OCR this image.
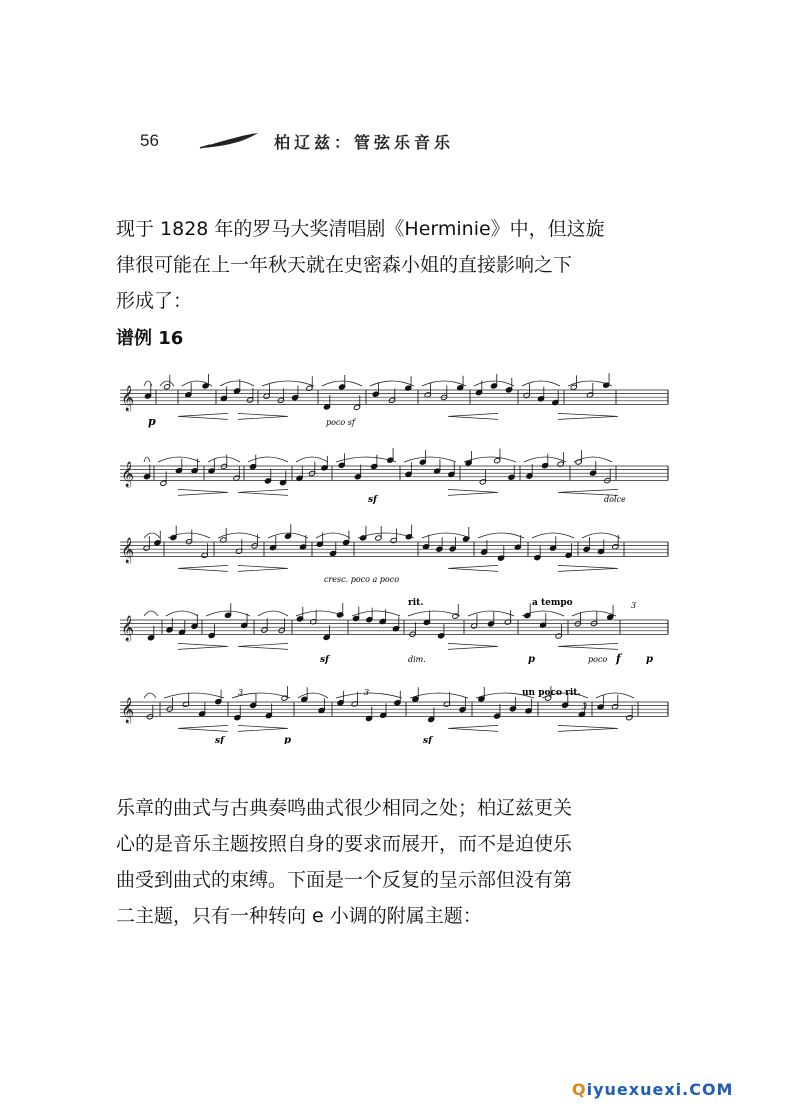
56	柏辽兹：管弦乐音乐

现于 1828 年的罗马大奖清唱剧《Herminie》中，但这旋
律很可能在上一年秋天就在史密森小姐的直接影响之下
形成了：

谱例 16
𝄞
𝄞
𝄞
𝄞
𝄞
p	poco sf
sf	dolce
cresc. poco a poco
rit.	a tempo
sf	dim.	p	poco f	p
3
un poco rit.
sf	p	sf
3	3
3

乐章的曲式与古典奏鸣曲式很少相同之处；柏辽兹更关
心的是音乐主题按照自身的要求而展开，而不是迫使乐
曲受到曲式的束缚。下面是一个反复的呈示部但没有第
二主题，只有一种转向 e 小调的附属主题：

Qiyuexuexi.COM
